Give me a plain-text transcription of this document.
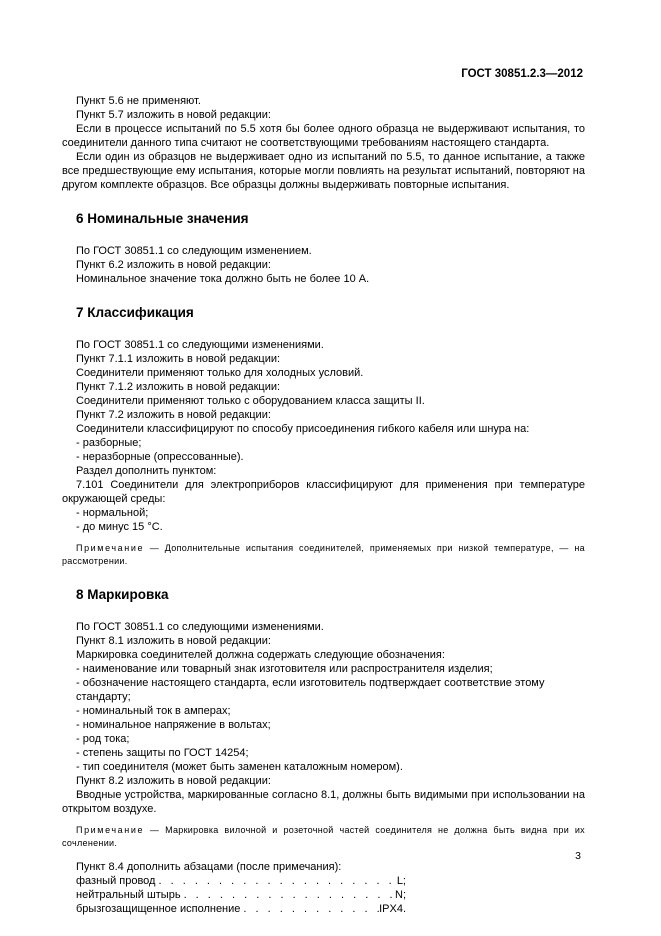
ГОСТ 30851.2.3—2012

Пункт 5.6 не применяют.

Пункт 5.7 изложить в новой редакции:

Если в процессе испытаний по 5.5 хотя бы более одного образца не выдерживают испытания, то соединители данного типа считают не соответствующими требованиям настоящего стандарта.

Если один из образцов не выдерживает одно из испытаний по 5.5, то данное испытание, а также все предшествующие ему испытания, которые могли повлиять на результат испытаний, повторяют на другом комплекте образцов. Все образцы должны выдерживать повторные испытания.

6 Номинальные значения

По ГОСТ 30851.1 со следующим изменением.

Пункт 6.2 изложить в новой редакции:

Номинальное значение тока должно быть не более 10 А.

7 Классификация

По ГОСТ 30851.1 со следующими изменениями.

Пункт 7.1.1 изложить в новой редакции:

Соединители применяют только для холодных условий.

Пункт 7.1.2 изложить в новой редакции:

Соединители применяют только с оборудованием класса защиты II.

Пункт 7.2 изложить в новой редакции:

Соединители классифицируют по способу присоединения гибкого кабеля или шнура на:

- разборные;

- неразборные (опрессованные).

Раздел дополнить пунктом:

7.101 Соединители для электроприборов классифицируют для применения при температуре окружающей среды:

- нормальной;

- до минус 15 °С.

Примечание — Дополнительные испытания соединителей, применяемых при низкой температуре, — на рассмотрении.

8 Маркировка

По ГОСТ 30851.1 со следующими изменениями.

Пункт 8.1 изложить в новой редакции:

Маркировка соединителей должна содержать следующие обозначения:

- наименование или товарный знак изготовителя или распространителя изделия;

- обозначение настоящего стандарта, если изготовитель подтверждает соответствие этому стандарту;

- номинальный ток в амперах;

- номинальное напряжение в вольтах;

- род тока;

- степень защиты по ГОСТ 14254;

- тип соединителя (может быть заменен каталожным номером).

Пункт 8.2 изложить в новой редакции:

Вводные устройства, маркированные согласно 8.1, должны быть видимыми при использовании на открытом воздухе.

Примечание — Маркировка вилочной и розеточной частей соединителя не должна быть видна при их сочленении.

Пункт 8.4 дополнить абзацами (после примечания):

фазный провод . . .	L;
нейтральный штырь . . .	N;
брызгозащищенное исполнение . . .	IPX4.
3
